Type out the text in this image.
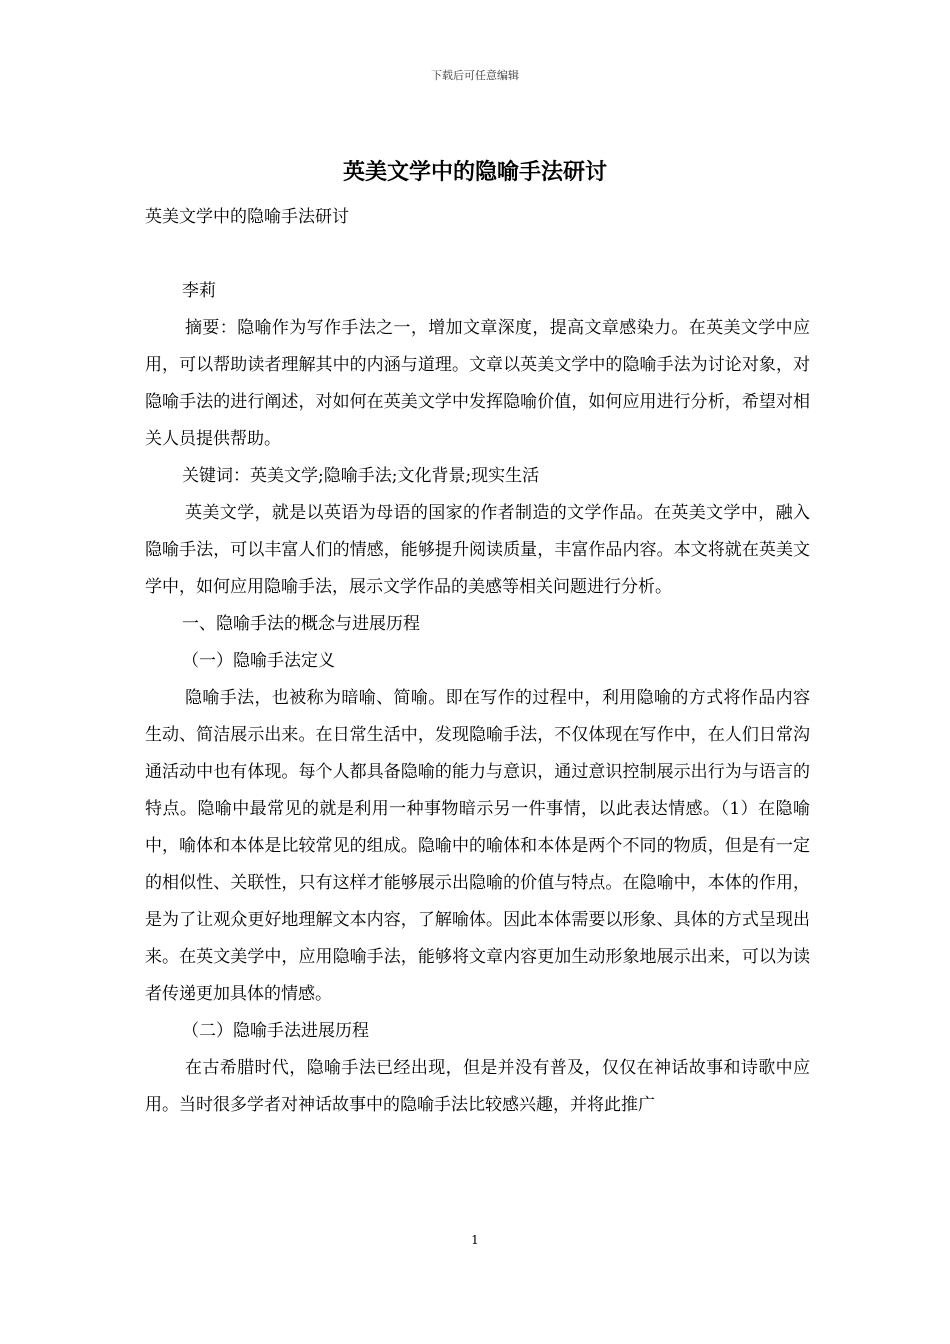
下载后可任意编辑
英美文学中的隐喻手法研讨
英美文学中的隐喻手法研讨

李莉

摘要：隐喻作为写作手法之一，增加文章深度，提高文章感染力。在英美文学中应用，可以帮助读者理解其中的内涵与道理。文章以英美文学中的隐喻手法为讨论对象，对隐喻手法的进行阐述，对如何在英美文学中发挥隐喻价值，如何应用进行分析，希望对相关人员提供帮助。

关键词：英美文学;隐喻手法;文化背景;现实生活

英美文学，就是以英语为母语的国家的作者制造的文学作品。在英美文学中，融入隐喻手法，可以丰富人们的情感，能够提升阅读质量，丰富作品内容。本文将就在英美文学中，如何应用隐喻手法，展示文学作品的美感等相关问题进行分析。

一、隐喻手法的概念与进展历程

（一）隐喻手法定义

隐喻手法，也被称为暗喻、简喻。即在写作的过程中，利用隐喻的方式将作品内容生动、简洁展示出来。在日常生活中，发现隐喻手法，不仅体现在写作中，在人们日常沟通活动中也有体现。每个人都具备隐喻的能力与意识，通过意识控制展示出行为与语言的特点。隐喻中最常见的就是利用一种事物暗示另一件事情，以此表达情感。（1）在隐喻中，喻体和本体是比较常见的组成。隐喻中的喻体和本体是两个不同的物质，但是有一定的相似性、关联性，只有这样才能够展示出隐喻的价值与特点。在隐喻中，本体的作用，是为了让观众更好地理解文本内容，了解喻体。因此本体需要以形象、具体的方式呈现出来。在英文美学中，应用隐喻手法，能够将文章内容更加生动形象地展示出来，可以为读者传递更加具体的情感。

（二）隐喻手法进展历程

在古希腊时代，隐喻手法已经出现，但是并没有普及，仅仅在神话故事和诗歌中应用。当时很多学者对神话故事中的隐喻手法比较感兴趣，并将此推广

1
